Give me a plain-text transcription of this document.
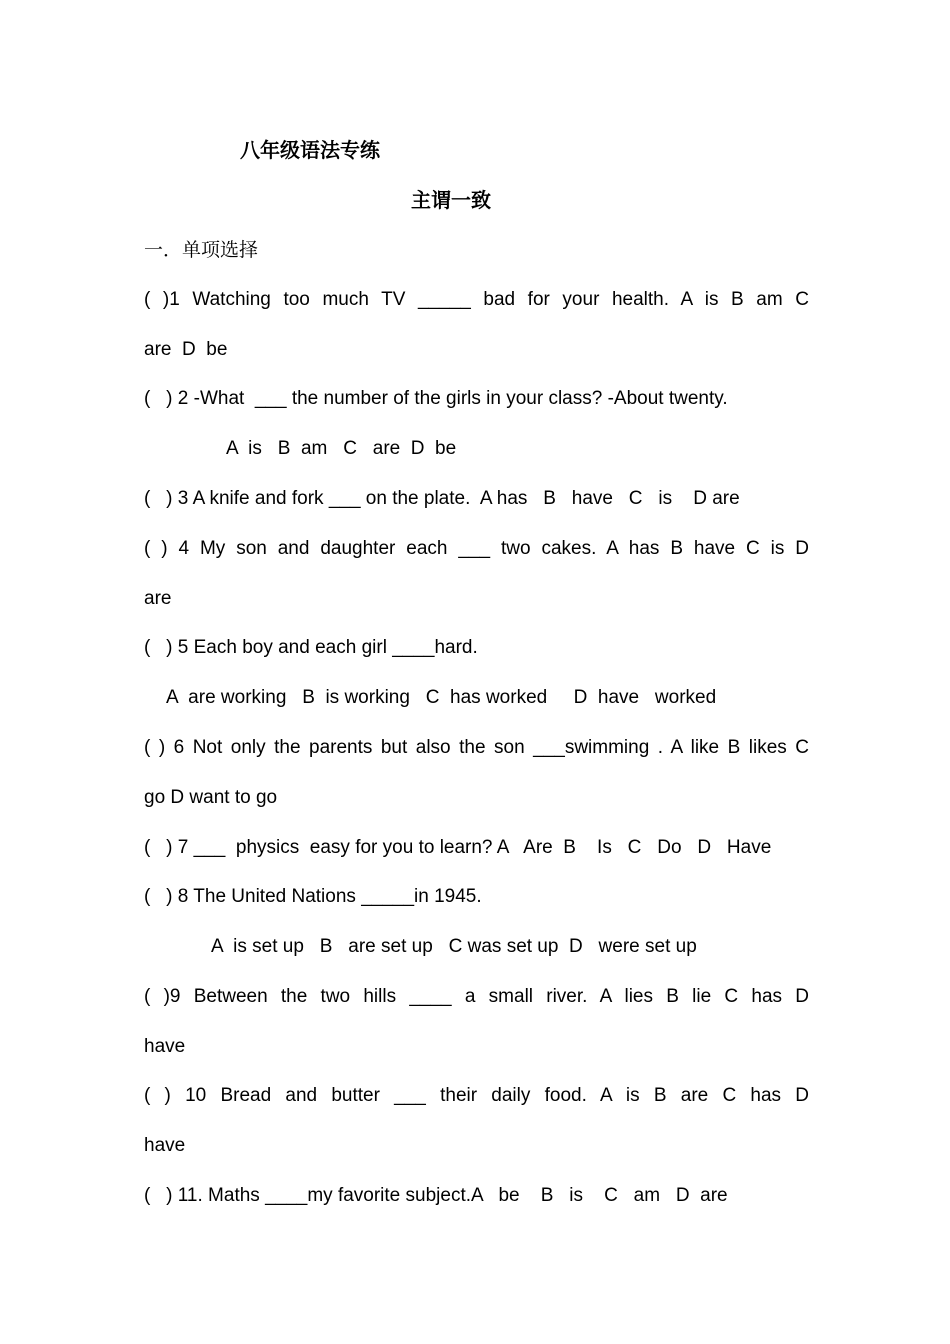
八年级语法专练
主谓一致
一．单项选择
( )1 Watching too much TV _____ bad for your health. A is B am C
are  D  be
(   ) 2 -What  ___ the number of the girls in your class? -About twenty.
A  is   B  am   C   are  D  be
(   ) 3 A knife and fork ___ on the plate.  A has   B   have   C   is    D are
( ) 4 My son and daughter each ___ two cakes. A has B have C is D
are
(   ) 5 Each boy and each girl ____hard.
A  are working   B  is working   C  has worked     D  have   worked
( ) 6 Not only the parents but also the son ___swimming . A like B likes C
go D want to go
(   ) 7 ___  physics  easy for you to learn? A   Are  B    Is   C   Do   D   Have
(   ) 8 The United Nations _____in 1945.
A  is set up   B   are set up   C was set up  D   were set up
( )9 Between the two hills ____ a small river. A lies B lie C has D
have
( ) 10 Bread and butter ___ their daily food. A is B are C has D
have
(   ) 11. Maths ____my favorite subject.A   be    B   is    C   am   D  are
